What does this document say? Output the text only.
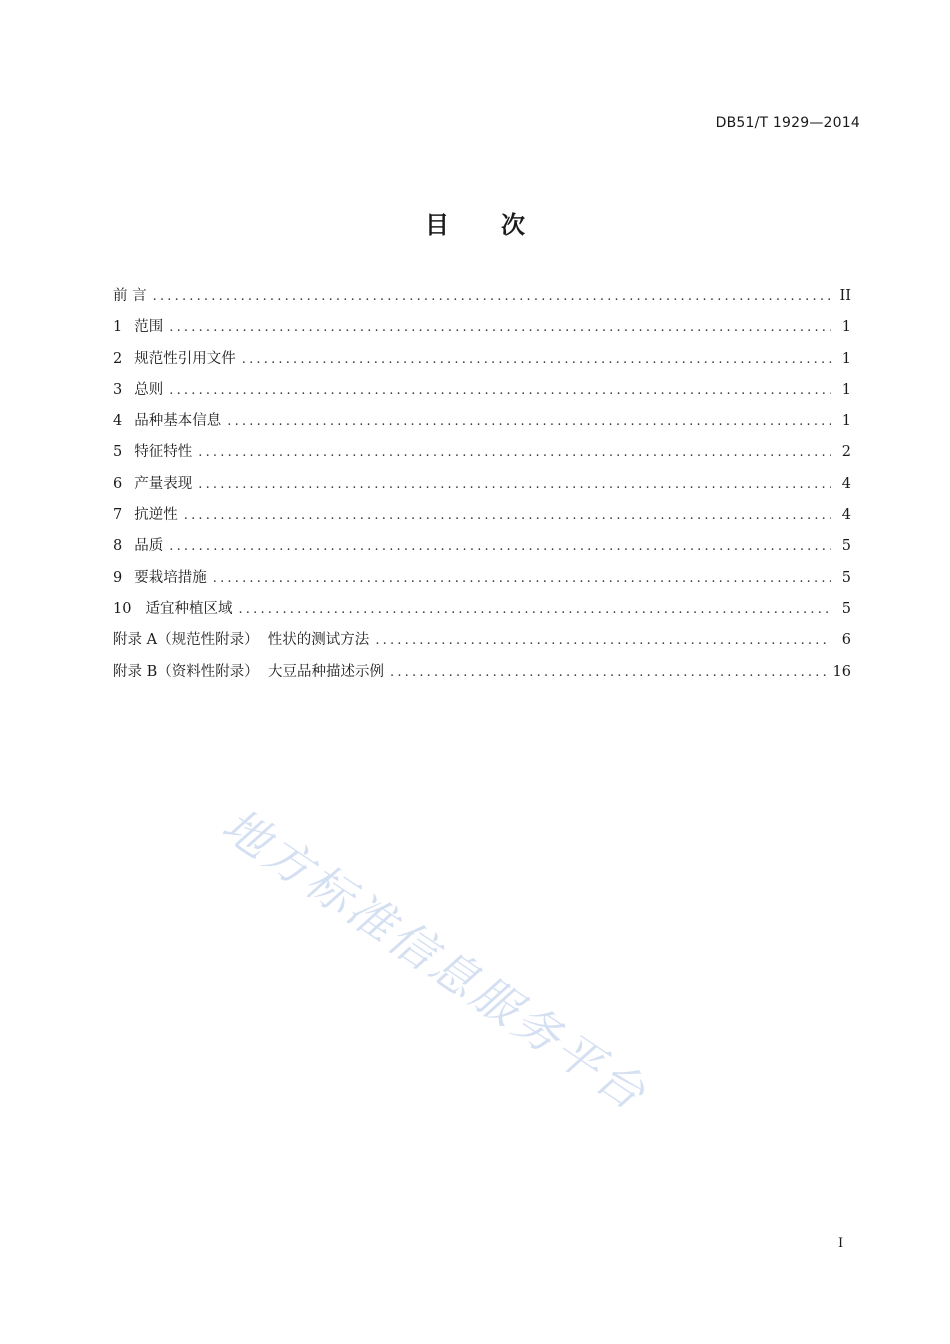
DB51/T 1929—2014
目 次
前 言 .....	II
1 范围 .....	1
2 规范性引用文件 .....	1
3 总则 .....	1
4 品种基本信息 .....	1
5 特征特性 .....	2
6 产量表现 .....	4
7 抗逆性 .....	4
8 品质 .....	5
9 要栽培措施 .....	5
10 适宜种植区域 .....	5
附录 A（规范性附录）  性状的测试方法 .....	6
附录 B（资料性附录）  大豆品种描述示例 .....	16
地方标准信息服务平台
I
